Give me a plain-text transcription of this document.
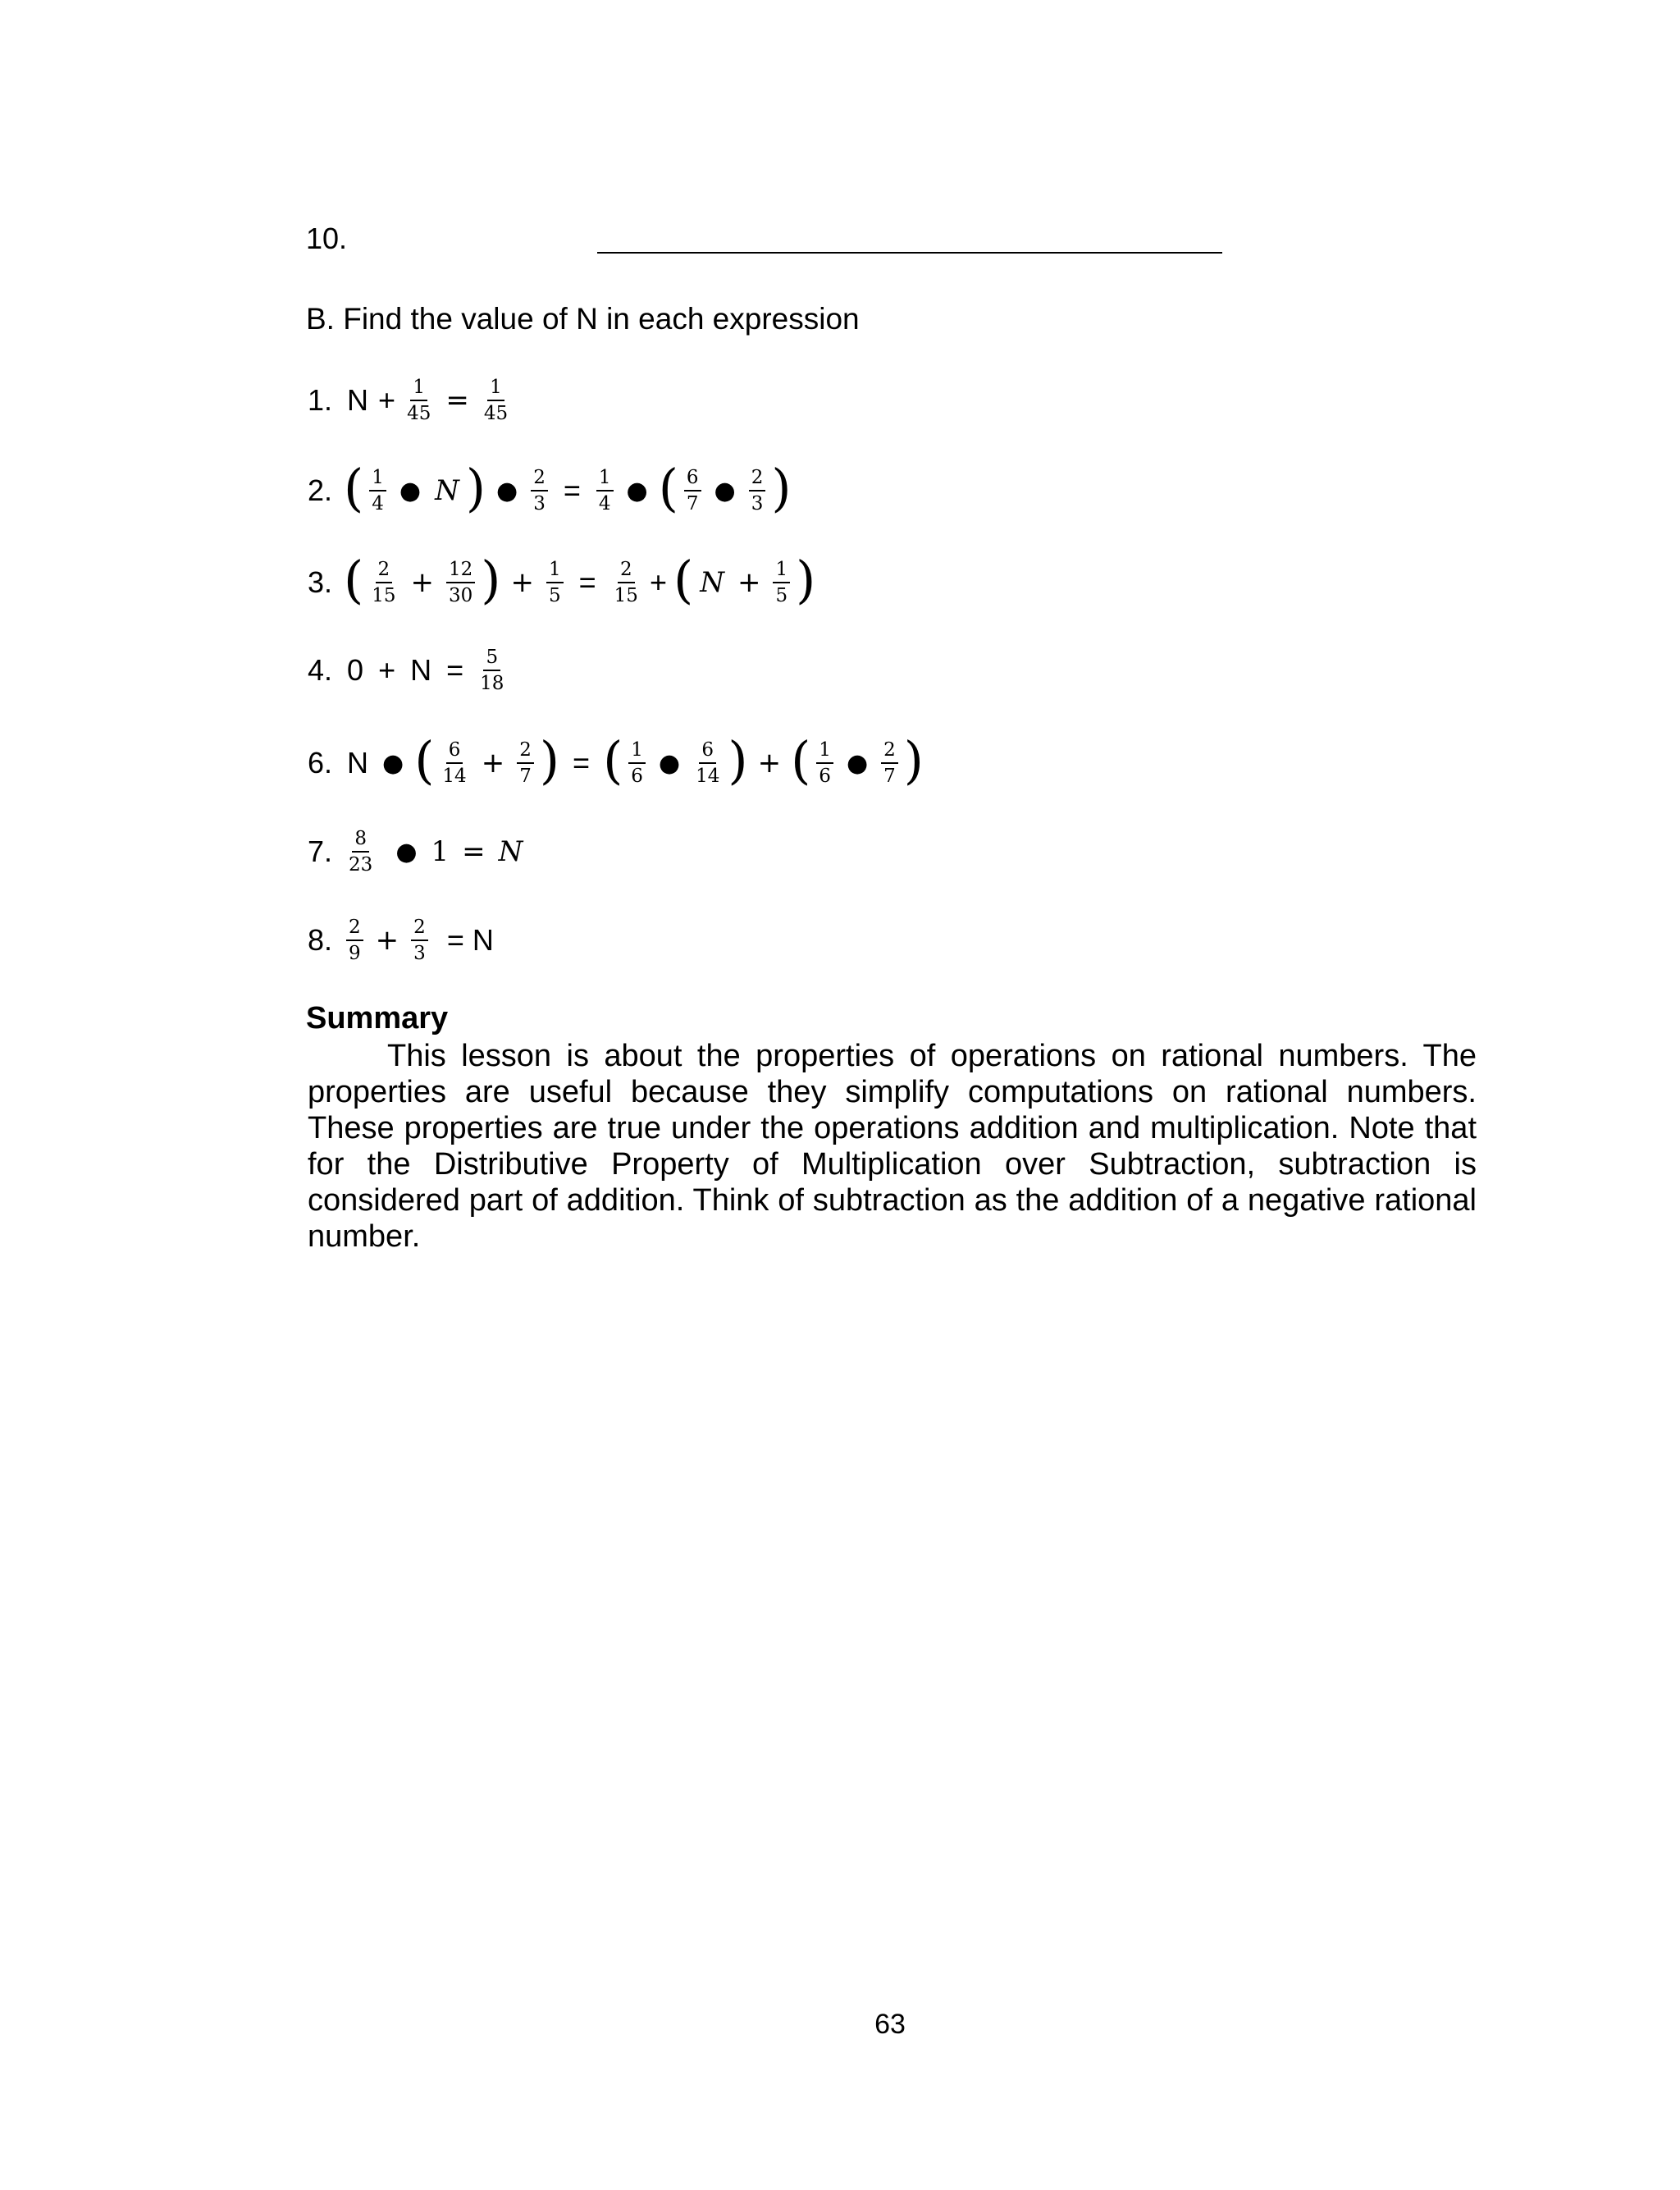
10.
B. Find the value of N in each expression
1. $N + \frac{1}{45} = \frac{1}{45}$
2. ( $\frac{1}{4}$ ● N ) ● $\frac{2}{3} = \frac{1}{4}$ ● ( $\frac{6}{7}$ ● $\frac{2}{3}$ )
3. ( $\frac{2}{15} + \frac{12}{30}$ ) + $\frac{1}{5} = \frac{2}{15}$ + ( $N + \frac{1}{5}$ )
4. $0 + N = \frac{5}{18}$
6. N ● ( $\frac{6}{14} + \frac{2}{7}$ ) = ( $\frac{1}{6}$ ● $\frac{6}{14}$ ) + ( $\frac{1}{6}$ ● $\frac{2}{7}$ )
7. $\frac{8}{23}$ ● 1 = N
8. $\frac{2}{9} + \frac{2}{3} = N$
Summary

This lesson is about the properties of operations on rational numbers. The properties are useful because they simplify computations on rational numbers. These properties are true under the operations addition and multiplication. Note that for the Distributive Property of Multiplication over Subtraction, subtraction is considered part of addition. Think of subtraction as the addition of a negative rational number.

63
